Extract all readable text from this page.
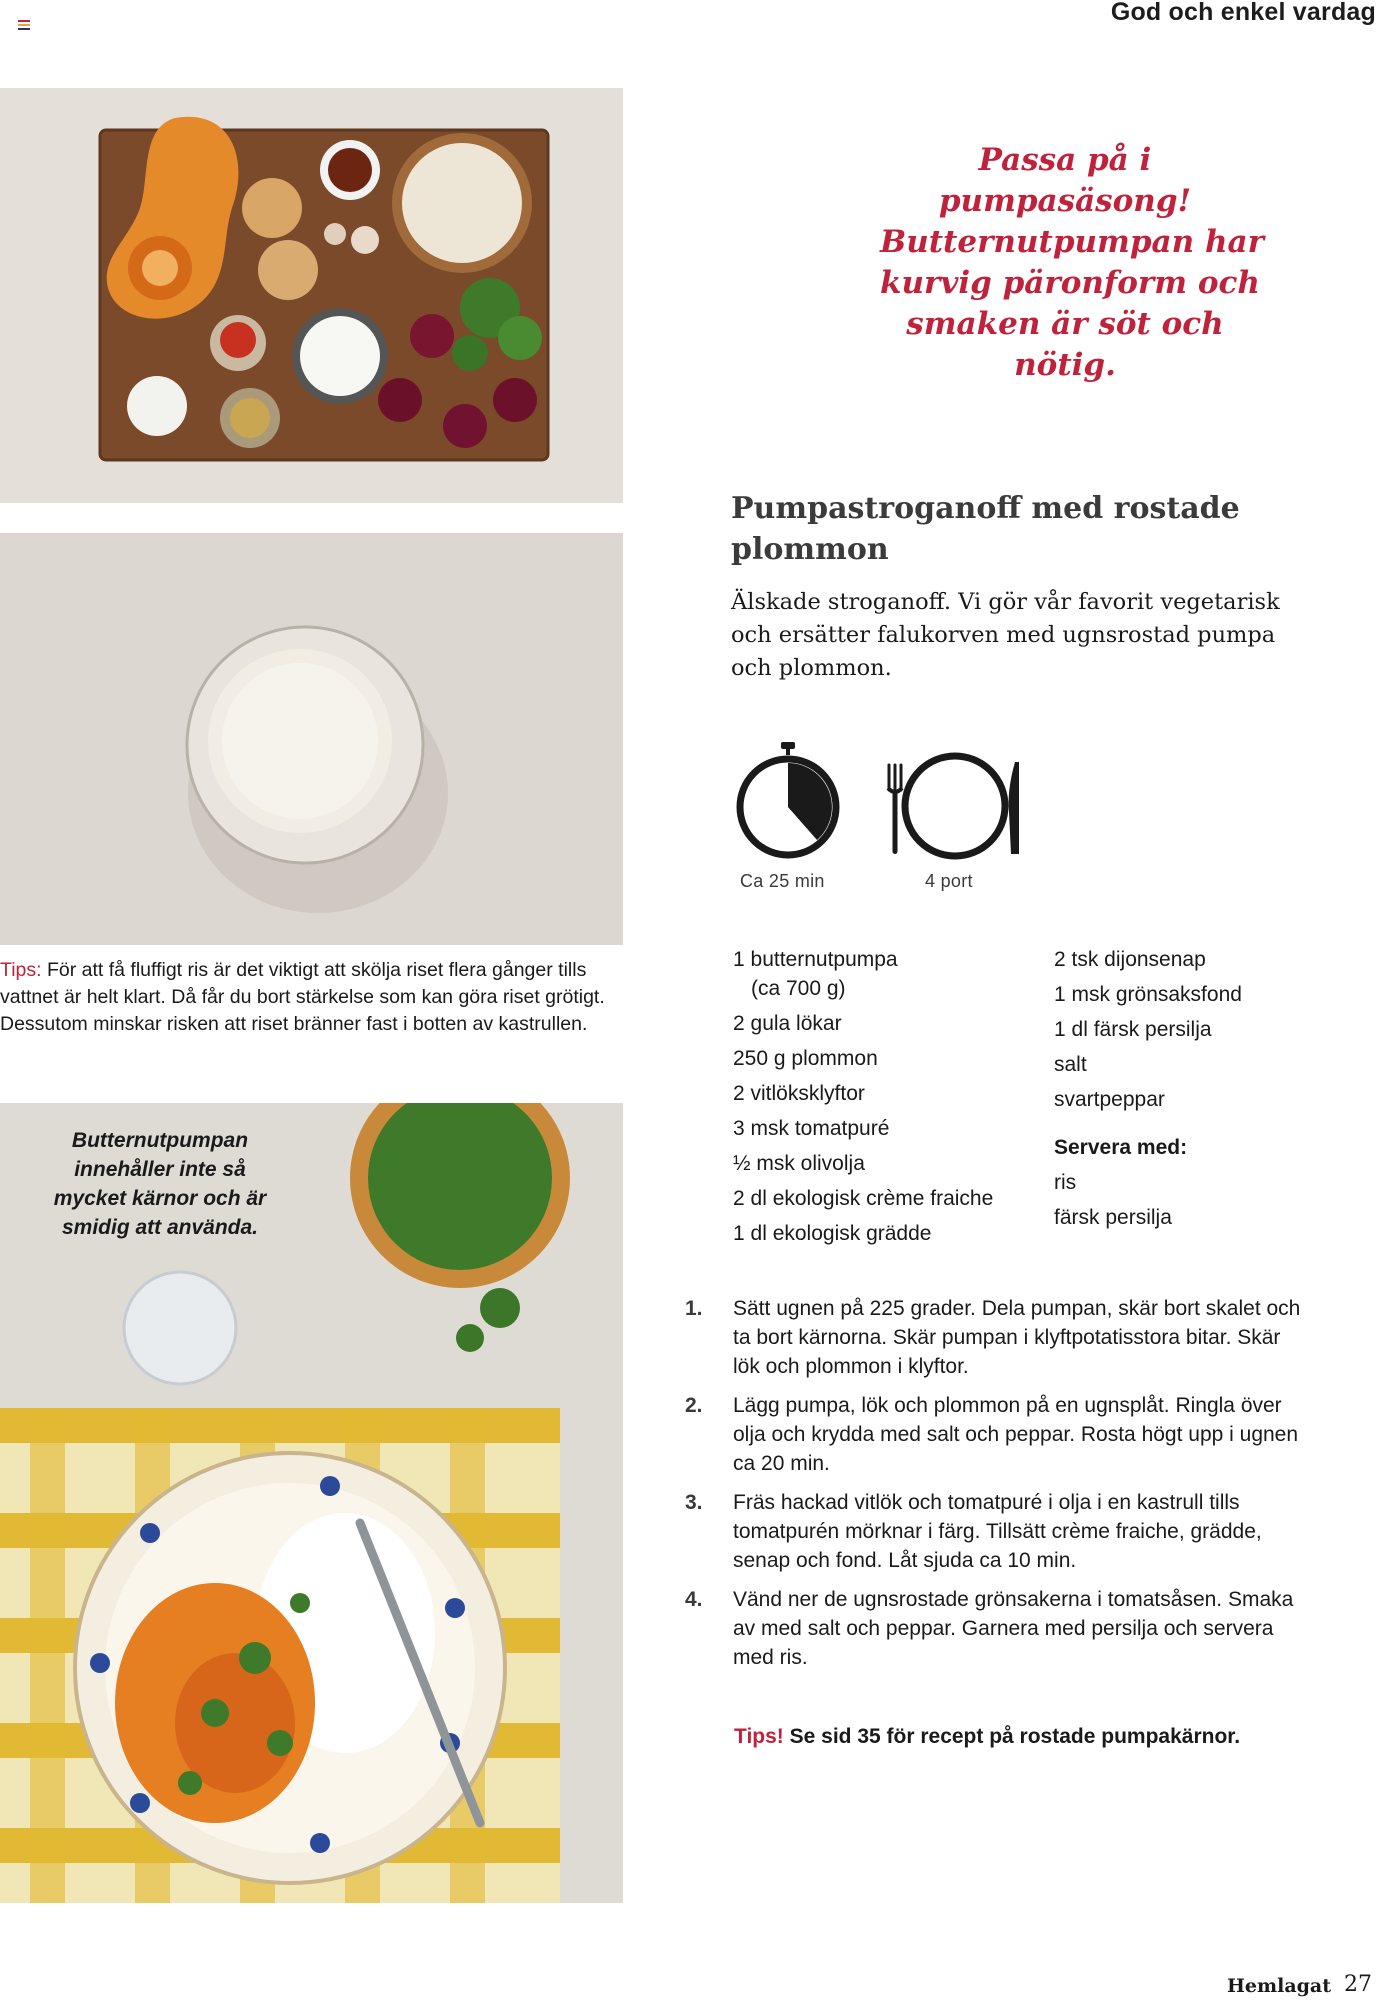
God och enkel vardag
Tips: För att få fluffigt ris är det viktigt att skölja riset flera gånger tills vattnet är helt klart. Då får du bort stärkelse som kan göra riset grötigt. Dessutom minskar risken att riset bränner fast i botten av kastrullen.
Butternutpumpan innehåller inte så mycket kärnor och är smidig att använda.
Passa på i
pumpasäsong!
Butternutpumpan har
kurvig päronform och
smaken är söt och
nötig.
Pumpastroganoff med rostade plommon
Älskade stroganoff. Vi gör vår favorit vegetarisk och ersätter falukorven med ugnsrostad pumpa och plommon.
Ca 25 min	4 port
1 butternutpumpa
(ca 700 g)
2 gula lökar
250 g plommon
2 vitlöksklyftor
3 msk tomatpuré
½ msk olivolja
2 dl ekologisk crème fraiche
1 dl ekologisk grädde
2 tsk dijonsenap
1 msk grönsaksfond
1 dl färsk persilja
salt
svartpeppar
Servera med:
ris
färsk persilja
1.	Sätt ugnen på 225 grader. Dela pumpan, skär bort skalet och ta bort kärnorna. Skär pumpan i klyftpotatisstora bitar. Skär lök och plommon i klyftor.
2.	Lägg pumpa, lök och plommon på en ugnsplåt. Ringla över olja och krydda med salt och peppar. Rosta högt upp i ugnen ca 20 min.
3.	Fräs hackad vitlök och tomatpuré i olja i en kastrull tills tomatpurén mörknar i färg. Tillsätt crème fraiche, grädde, senap och fond. Låt sjuda ca 10 min.
4.	Vänd ner de ugnsrostade grönsakerna i tomatsåsen. Smaka av med salt och peppar. Garnera med persilja och servera med ris.
Tips! Se sid 35 för recept på rostade pumpakärnor.
Hemlagat 27
